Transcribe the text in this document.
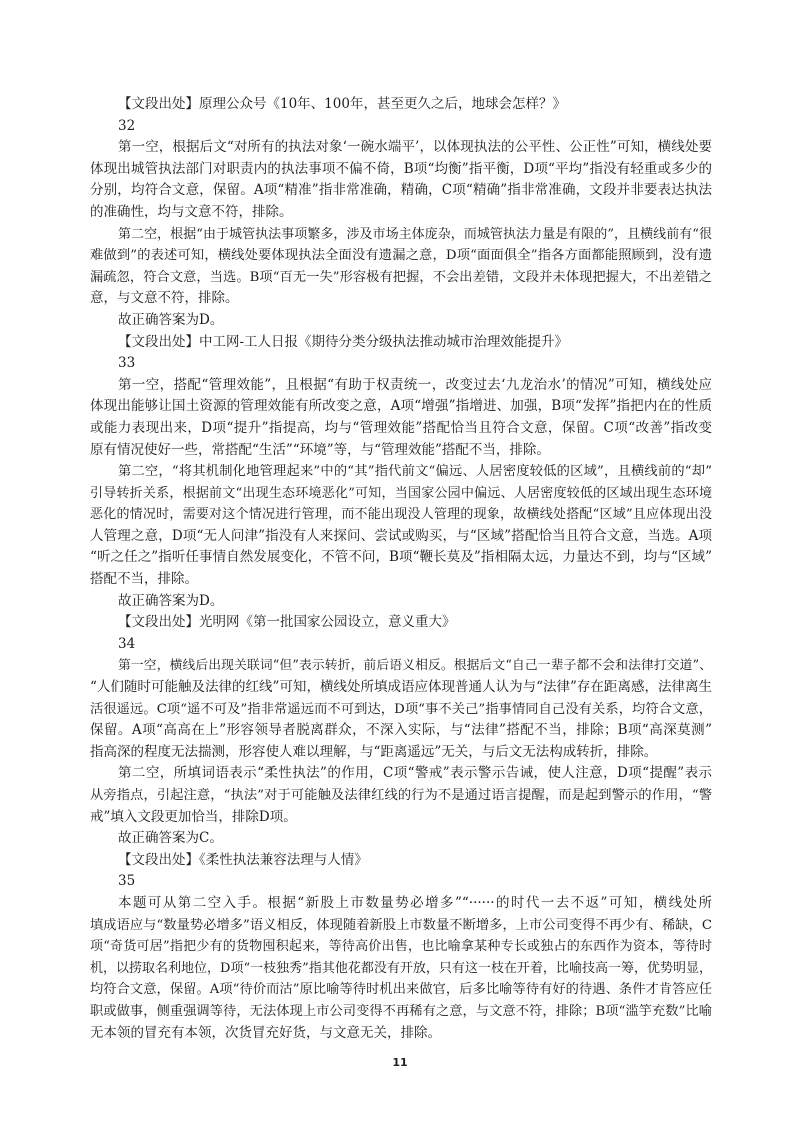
【文段出处】原理公众号《10年、100年，甚至更久之后，地球会怎样？》
32
第一空，根据后文“对所有的执法对象‘一碗水端平’，以体现执法的公平性、公正性”可知，横线处要
体现出城管执法部门对职责内的执法事项不偏不倚，B项“均衡”指平衡，D项“平均”指没有轻重或多少的
分别，均符合文意，保留。A项“精准”指非常准确，精确，C项“精确”指非常准确，文段并非要表达执法
的准确性，均与文意不符，排除。
第二空，根据“由于城管执法事项繁多，涉及市场主体庞杂，而城管执法力量是有限的”，且横线前有“很
难做到”的表述可知，横线处要体现执法全面没有遗漏之意，D项“面面俱全”指各方面都能照顾到，没有遗
漏疏忽，符合文意，当选。B项“百无一失”形容极有把握，不会出差错，文段并未体现把握大，不出差错之
意，与文意不符，排除。
故正确答案为D。
【文段出处】中工网-工人日报《期待分类分级执法推动城市治理效能提升》
33
第一空，搭配“管理效能”，且根据“有助于权责统一，改变过去‘九龙治水’的情况”可知，横线处应
体现出能够让国土资源的管理效能有所改变之意，A项“增强”指增进、加强，B项“发挥”指把内在的性质
或能力表现出来，D项“提升”指提高，均与“管理效能”搭配恰当且符合文意，保留。C项“改善”指改变
原有情况使好一些，常搭配“生活”“环境”等，与“管理效能”搭配不当，排除。
第二空，“将其机制化地管理起来”中的“其”指代前文“偏远、人居密度较低的区域”，且横线前的“却”
引导转折关系，根据前文“出现生态环境恶化”可知，当国家公园中偏远、人居密度较低的区域出现生态环境
恶化的情况时，需要对这个情况进行管理，而不能出现没人管理的现象，故横线处搭配“区域”且应体现出没
人管理之意，D项“无人问津”指没有人来探问、尝试或购买，与“区域”搭配恰当且符合文意，当选。A项
“听之任之”指听任事情自然发展变化，不管不问，B项“鞭长莫及”指相隔太远，力量达不到，均与“区域”
搭配不当，排除。
故正确答案为D。
【文段出处】光明网《第一批国家公园设立，意义重大》
34
第一空，横线后出现关联词“但”表示转折，前后语义相反。根据后文“自己一辈子都不会和法律打交道”、
“人们随时可能触及法律的红线”可知，横线处所填成语应体现普通人认为与“法律”存在距离感，法律离生
活很遥远。C项“遥不可及”指非常遥远而不可到达，D项“事不关己”指事情同自己没有关系，均符合文意，
保留。A项“高高在上”形容领导者脱离群众，不深入实际，与“法律”搭配不当，排除；B项“高深莫测”
指高深的程度无法揣测，形容使人难以理解，与“距离遥远”无关，与后文无法构成转折，排除。
第二空，所填词语表示“柔性执法”的作用，C项“警戒”表示警示告诫，使人注意，D项“提醒”表示
从旁指点，引起注意，“执法”对于可能触及法律红线的行为不是通过语言提醒，而是起到警示的作用，“警
戒”填入文段更加恰当，排除D项。
故正确答案为C。
【文段出处】《柔性执法兼容法理与人情》
35
本题可从第二空入手。根据“新股上市数量势必增多”“······的时代一去不返”可知，横线处所
填成语应与“数量势必增多”语义相反，体现随着新股上市数量不断增多，上市公司变得不再少有、稀缺，C
项“奇货可居”指把少有的货物囤积起来，等待高价出售，也比喻拿某种专长或独占的东西作为资本，等待时
机，以捞取名利地位，D项“一枝独秀”指其他花都没有开放，只有这一枝在开着，比喻技高一筹，优势明显，
均符合文意，保留。A项“待价而沽”原比喻等待时机出来做官，后多比喻等待有好的待遇、条件才肯答应任
职或做事，侧重强调等待，无法体现上市公司变得不再稀有之意，与文意不符，排除；B项“滥竽充数”比喻
无本领的冒充有本领，次货冒充好货，与文意无关，排除。
11
